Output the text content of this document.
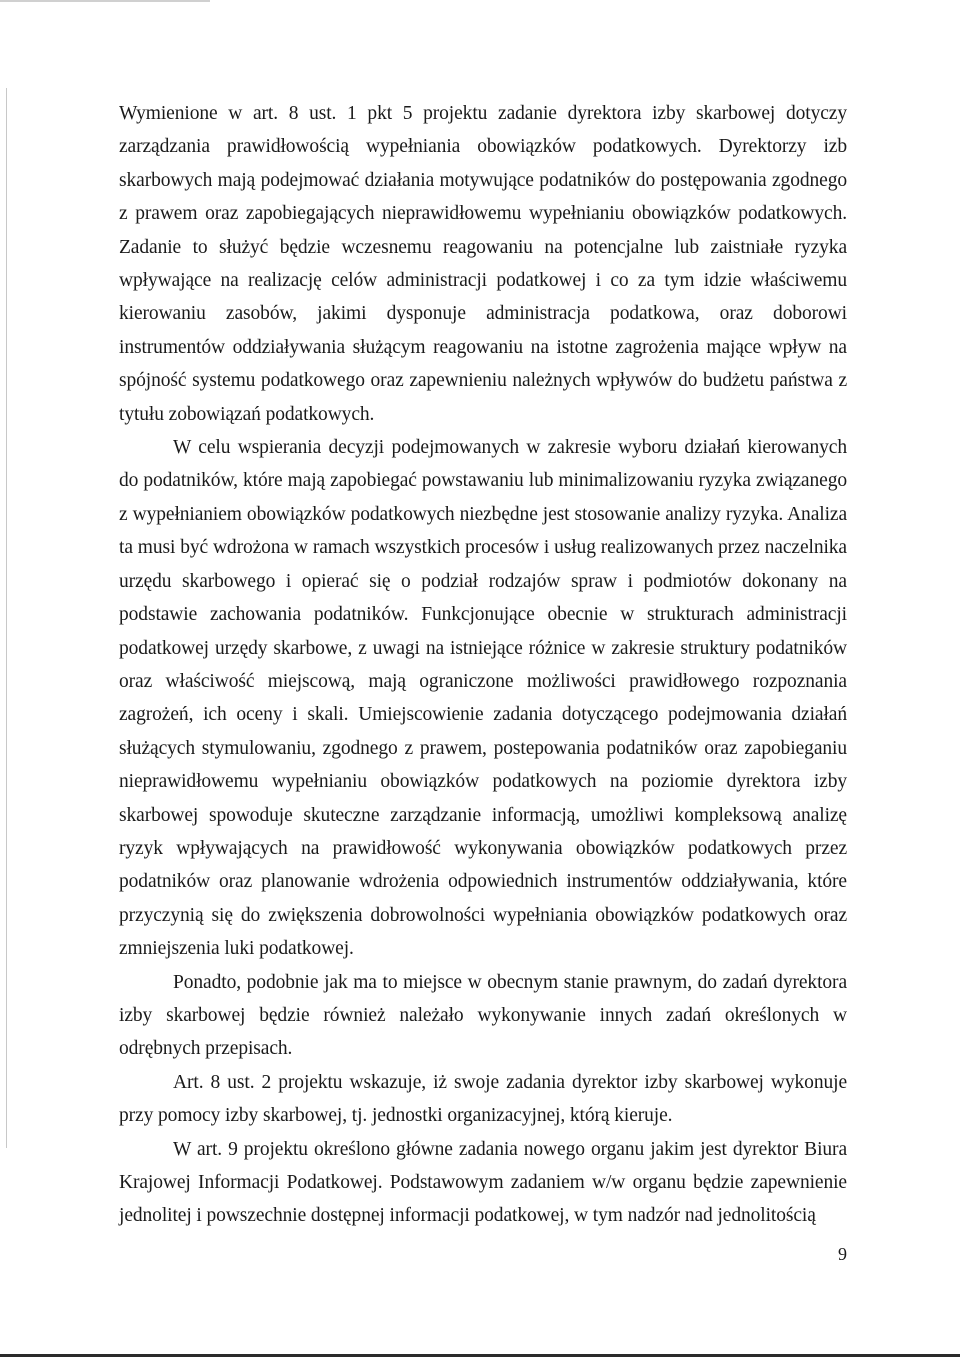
Wymienione w art. 8 ust. 1 pkt 5 projektu zadanie dyrektora izby skarbowej dotyczy zarządzania prawidłowością wypełniania obowiązków podatkowych. Dyrektorzy izb skarbowych mają podejmować działania motywujące podatników do postępowania zgodnego z prawem oraz zapobiegających nieprawidłowemu wypełnianiu obowiązków podatkowych. Zadanie to służyć będzie wczesnemu reagowaniu na potencjalne lub zaistniałe ryzyka wpływające na realizację celów administracji podatkowej i co za tym idzie właściwemu kierowaniu zasobów, jakimi dysponuje administracja podatkowa, oraz doborowi instrumentów oddziaływania służącym reagowaniu na istotne zagrożenia mające wpływ na spójność systemu podatkowego oraz zapewnieniu należnych wpływów do budżetu państwa z tytułu zobowiązań podatkowych.

W celu wspierania decyzji podejmowanych w zakresie wyboru działań kierowanych do podatników, które mają zapobiegać powstawaniu lub minimalizowaniu ryzyka związanego z wypełnianiem obowiązków podatkowych niezbędne jest stosowanie analizy ryzyka. Analiza ta musi być wdrożona w ramach wszystkich procesów i usług realizowanych przez naczelnika urzędu skarbowego i opierać się o podział rodzajów spraw i podmiotów dokonany na podstawie zachowania podatników. Funkcjonujące obecnie w strukturach administracji podatkowej urzędy skarbowe, z uwagi na istniejące różnice w zakresie struktury podatników oraz właściwość miejscową, mają ograniczone możliwości prawidłowego rozpoznania zagrożeń, ich oceny i skali. Umiejscowienie zadania dotyczącego podejmowania działań służących stymulowaniu, zgodnego z prawem, postepowania podatników oraz zapobieganiu nieprawidłowemu wypełnianiu obowiązków podatkowych na poziomie dyrektora izby skarbowej spowoduje skuteczne zarządzanie informacją, umożliwi kompleksową analizę ryzyk wpływających na prawidłowość wykonywania obowiązków podatkowych przez podatników oraz planowanie wdrożenia odpowiednich instrumentów oddziaływania, które przyczynią się do zwiększenia dobrowolności wypełniania obowiązków podatkowych oraz zmniejszenia luki podatkowej.

Ponadto, podobnie jak ma to miejsce w obecnym stanie prawnym, do zadań dyrektora izby skarbowej będzie również należało wykonywanie innych zadań określonych w odrębnych przepisach.

Art. 8 ust. 2 projektu wskazuje, iż swoje zadania dyrektor izby skarbowej wykonuje przy pomocy izby skarbowej, tj. jednostki organizacyjnej, którą kieruje.

W art. 9 projektu określono główne zadania nowego organu jakim jest dyrektor Biura Krajowej Informacji Podatkowej. Podstawowym zadaniem w/w organu będzie zapewnienie jednolitej i powszechnie dostępnej informacji podatkowej, w tym nadzór nad jednolitością

9
